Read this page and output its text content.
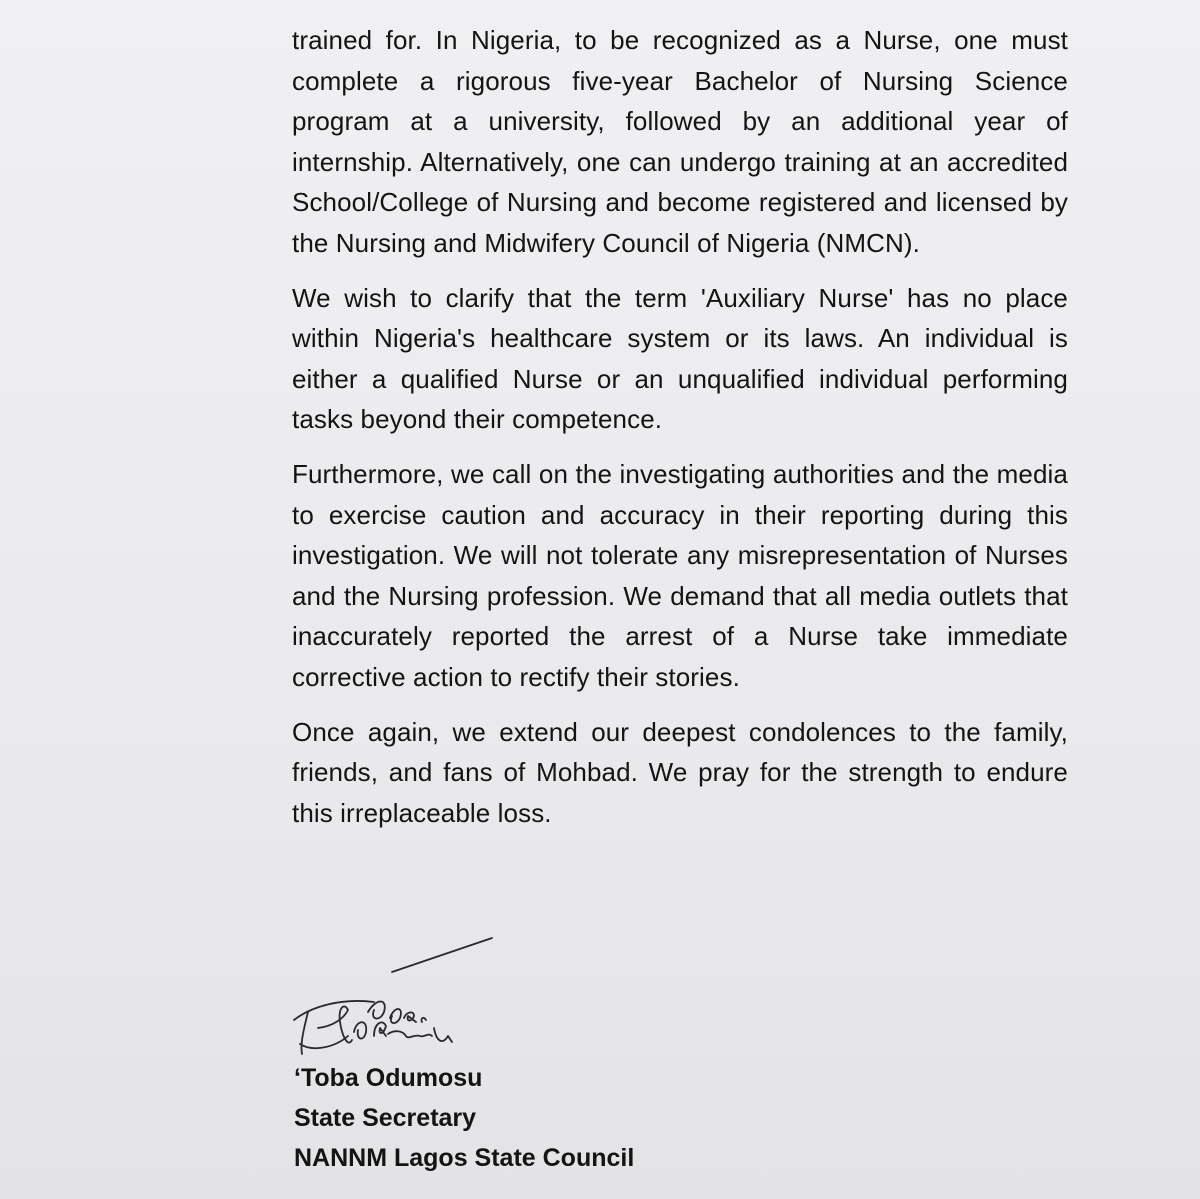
trained for. In Nigeria, to be recognized as a Nurse, one must complete a rigorous five-year Bachelor of Nursing Science program at a university, followed by an additional year of internship. Alternatively, one can undergo training at an accredited School/College of Nursing and become registered and licensed by the Nursing and Midwifery Council of Nigeria (NMCN).

We wish to clarify that the term 'Auxiliary Nurse' has no place within Nigeria's healthcare system or its laws. An individual is either a qualified Nurse or an unqualified individual performing tasks beyond their competence.

Furthermore, we call on the investigating authorities and the media to exercise caution and accuracy in their reporting during this investigation. We will not tolerate any misrepresentation of Nurses and the Nursing profession. We demand that all media outlets that inaccurately reported the arrest of a Nurse take immediate corrective action to rectify their stories.

Once again, we extend our deepest condolences to the family, friends, and fans of Mohbad. We pray for the strength to endure this irreplaceable loss.

‘Toba Odumosu
State Secretary
NANNM Lagos State Council
